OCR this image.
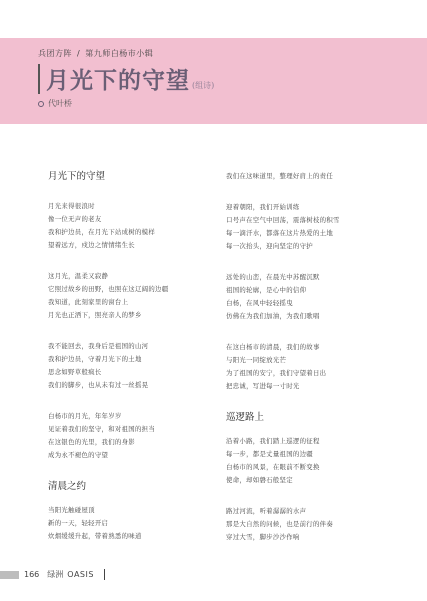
兵团方阵 / 第九师白杨市小辑
月光下的守望 (组诗)
代叶桥
月光下的守望
月光来得很浪时
像一位无声的老友
我和护边员，在月光下站成树的模样
望着远方，戍边之情情绪生长
这月光，温柔又寂静
它照过故乡的田野，也照在这辽阔的边疆
我知道，此刻家里的窗台上
月光也正洒下，照亮亲人的梦乡
我不能回去，我身后是祖国的山河
我和护边员，守着月光下的土地
思念如野草般疯长
我们的脚步，也从未有过一丝摇晃
白杨市的月光，年年岁岁
见证着我们的坚守，和对祖国的担当
在这银色的光里，我们的身影
成为永不褪色的守望
清晨之约
当阳光触碰屋顶
新的一天，轻轻开启
炊烟缓缓升起，带着熟悉的味道
我们在这味道里，整理好肩上的责任
迎着朝阳，我们开始训练
口号声在空气中回荡，震落树枝的积雪
每一滴汗水，都落在这片热爱的土地
每一次抬头，迎向坚定的守护
远处的山峦，在晨光中苏醒沉默
祖国的轮廓，是心中的信仰
白杨，在风中轻轻摇曳
仿佛在为我们加油，为我们歌唱
在这白杨市的清晨，我们的故事
与阳光一同绽放光芒
为了祖国的安宁，我们守望着日出
把忠诚，写进每一寸时光
巡逻路上
沿着小路，我们踏上巡逻的征程
每一步，都是丈量祖国的边疆
白杨市的风景，在眼前不断变换
使命，却如磐石般坚定
路过河流，听着潺潺的水声
那是大自然的问候，也是前行的伴奏
穿过大雪，脚步沙沙作响
166 绿洲 OASIS
